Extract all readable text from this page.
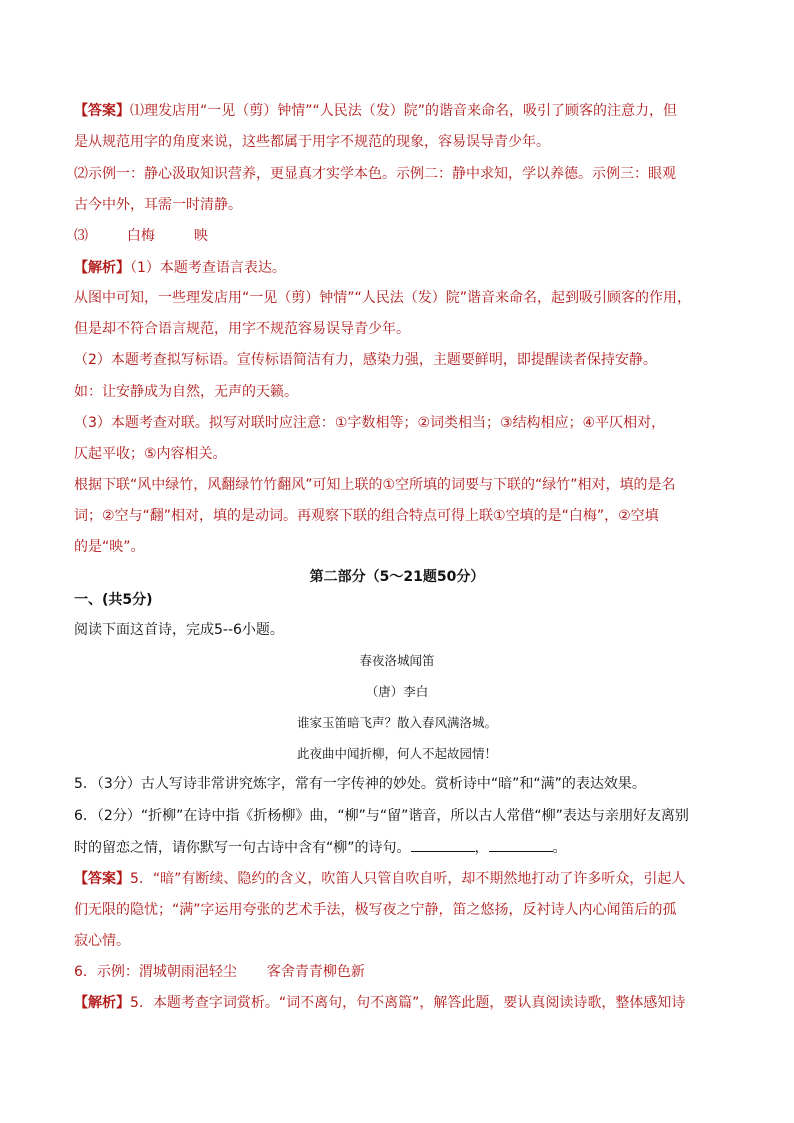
【答案】⑴理发店用“一见（剪）钟情”“人民法（发）院”的谐音来命名，吸引了顾客的注意力，但
是从规范用字的角度来说，这些都属于用字不规范的现象，容易误导青少年。
⑵示例一：静心汲取知识营养，更显真才实学本色。示例二：静中求知，学以养德。示例三：眼观
古今中外，耳需一时清静。
⑶	白梅	映
【解析】（1）本题考查语言表达。
从图中可知，一些理发店用“一见（剪）钟情”“人民法（发）院”谐音来命名，起到吸引顾客的作用，
但是却不符合语言规范，用字不规范容易误导青少年。
（2）本题考查拟写标语。宣传标语简洁有力，感染力强，主题要鲜明，即提醒读者保持安静。
如：让安静成为自然，无声的天籁。
（3）本题考查对联。拟写对联时应注意：①字数相等；②词类相当；③结构相应；④平仄相对，
仄起平收；⑤内容相关。
根据下联“风中绿竹，风翻绿竹竹翻风”可知上联的①空所填的词要与下联的“绿竹”相对，填的是名
词；②空与“翻”相对，填的是动词。再观察下联的组合特点可得上联①空填的是“白梅”，②空填
的是“映”。
第二部分（5～21题50分）
一、(共5分)
阅读下面这首诗，完成5--6小题。
春夜洛城闻笛
（唐）李白
谁家玉笛暗飞声？散入春风满洛城。
此夜曲中闻折柳，何人不起故园情！
5．（3分）古人写诗非常讲究炼字，常有一字传神的妙处。赏析诗中“暗”和“满”的表达效果。
6．（2分）“折柳”在诗中指《折杨柳》曲，“柳”与“留”谐音，所以古人常借“柳”表达与亲朋好友离别
时的留恋之情，请你默写一句古诗中含有“柳”的诗句。	，	。
【答案】5．“暗”有断续、隐约的含义，吹笛人只管自吹自听，却不期然地打动了许多听众，引起人
们无限的隐忧；“满”字运用夸张的艺术手法，极写夜之宁静，笛之悠扬，反衬诗人内心闻笛后的孤
寂心情。
6．示例：渭城朝雨浥轻尘 客舍青青柳色新
【解析】5．本题考查字词赏析。“词不离句，句不离篇”，解答此题，要认真阅读诗歌，整体感知诗
